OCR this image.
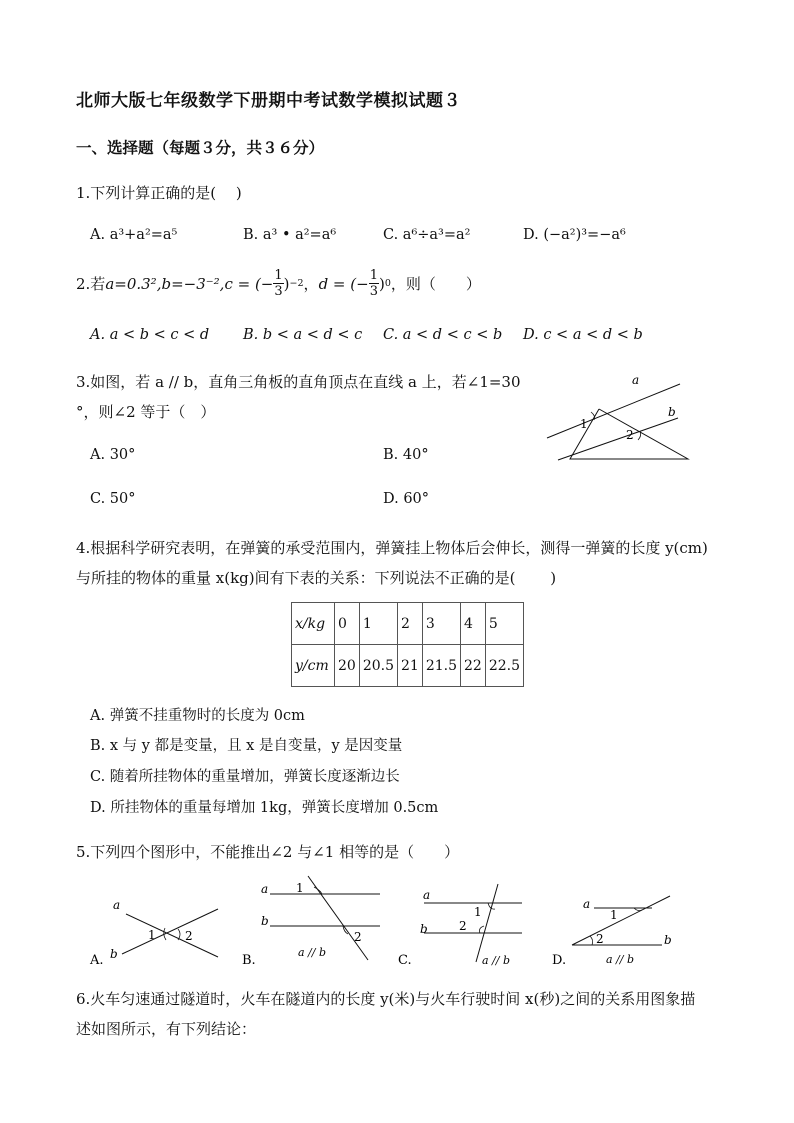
北师大版七年级数学下册期中考试数学模拟试题３
一、选择题（每题３分，共３６分）
1.下列计算正确的是(　 )
A. a³+a²=a⁵	B. a³ • a²=a⁶	C. a⁶÷a³=a²	D. (−a²)³=−a⁶
2.若 a=0.3², b=−3⁻², c = (− $\frac{1}{3}$ ) −2 ， d = (− $\frac{1}{3}$ ) 0 ，则（　　）
A. a < b < c < d B. b < a < d < c C. a < d < c < b D. c < a < d < b
3.如图，若 a // b，直角三角板的直角顶点在直线 a 上，若∠1=30
°，则∠2 等于（　）
A. 30°	B. 40°
C. 50°	D. 60°
a
b
1
2
4.根据科学研究表明，在弹簧的承受范围内，弹簧挂上物体后会伸长，测得一弹簧的长度 y(cm)
与所挂的物体的重量 x(kg)间有下表的关系：下列说法不正确的是(　　 )
x/kg	0	1	2	3	4	5
y/cm	20	20.5	21	21.5	22	22.5
A. 弹簧不挂重物时的长度为 0cm
B. x 与 y 都是变量，且 x 是自变量，y 是因变量
C. 随着所挂物体的重量增加，弹簧长度逐渐边长
D. 所挂物体的重量每增加 1kg，弹簧长度增加 0.5cm
5.下列四个图形中，不能推出∠2 与∠1 相等的是（　　）
a
b
1 2
A.
a
b
1
2
a // b
B.
a
b
1
2
a // b
C.
a
b
1
2
a // b
D.
6.火车匀速通过隧道时，火车在隧道内的长度 y(米)与火车行驶时间 x(秒)之间的关系用图象描
述如图所示，有下列结论：
